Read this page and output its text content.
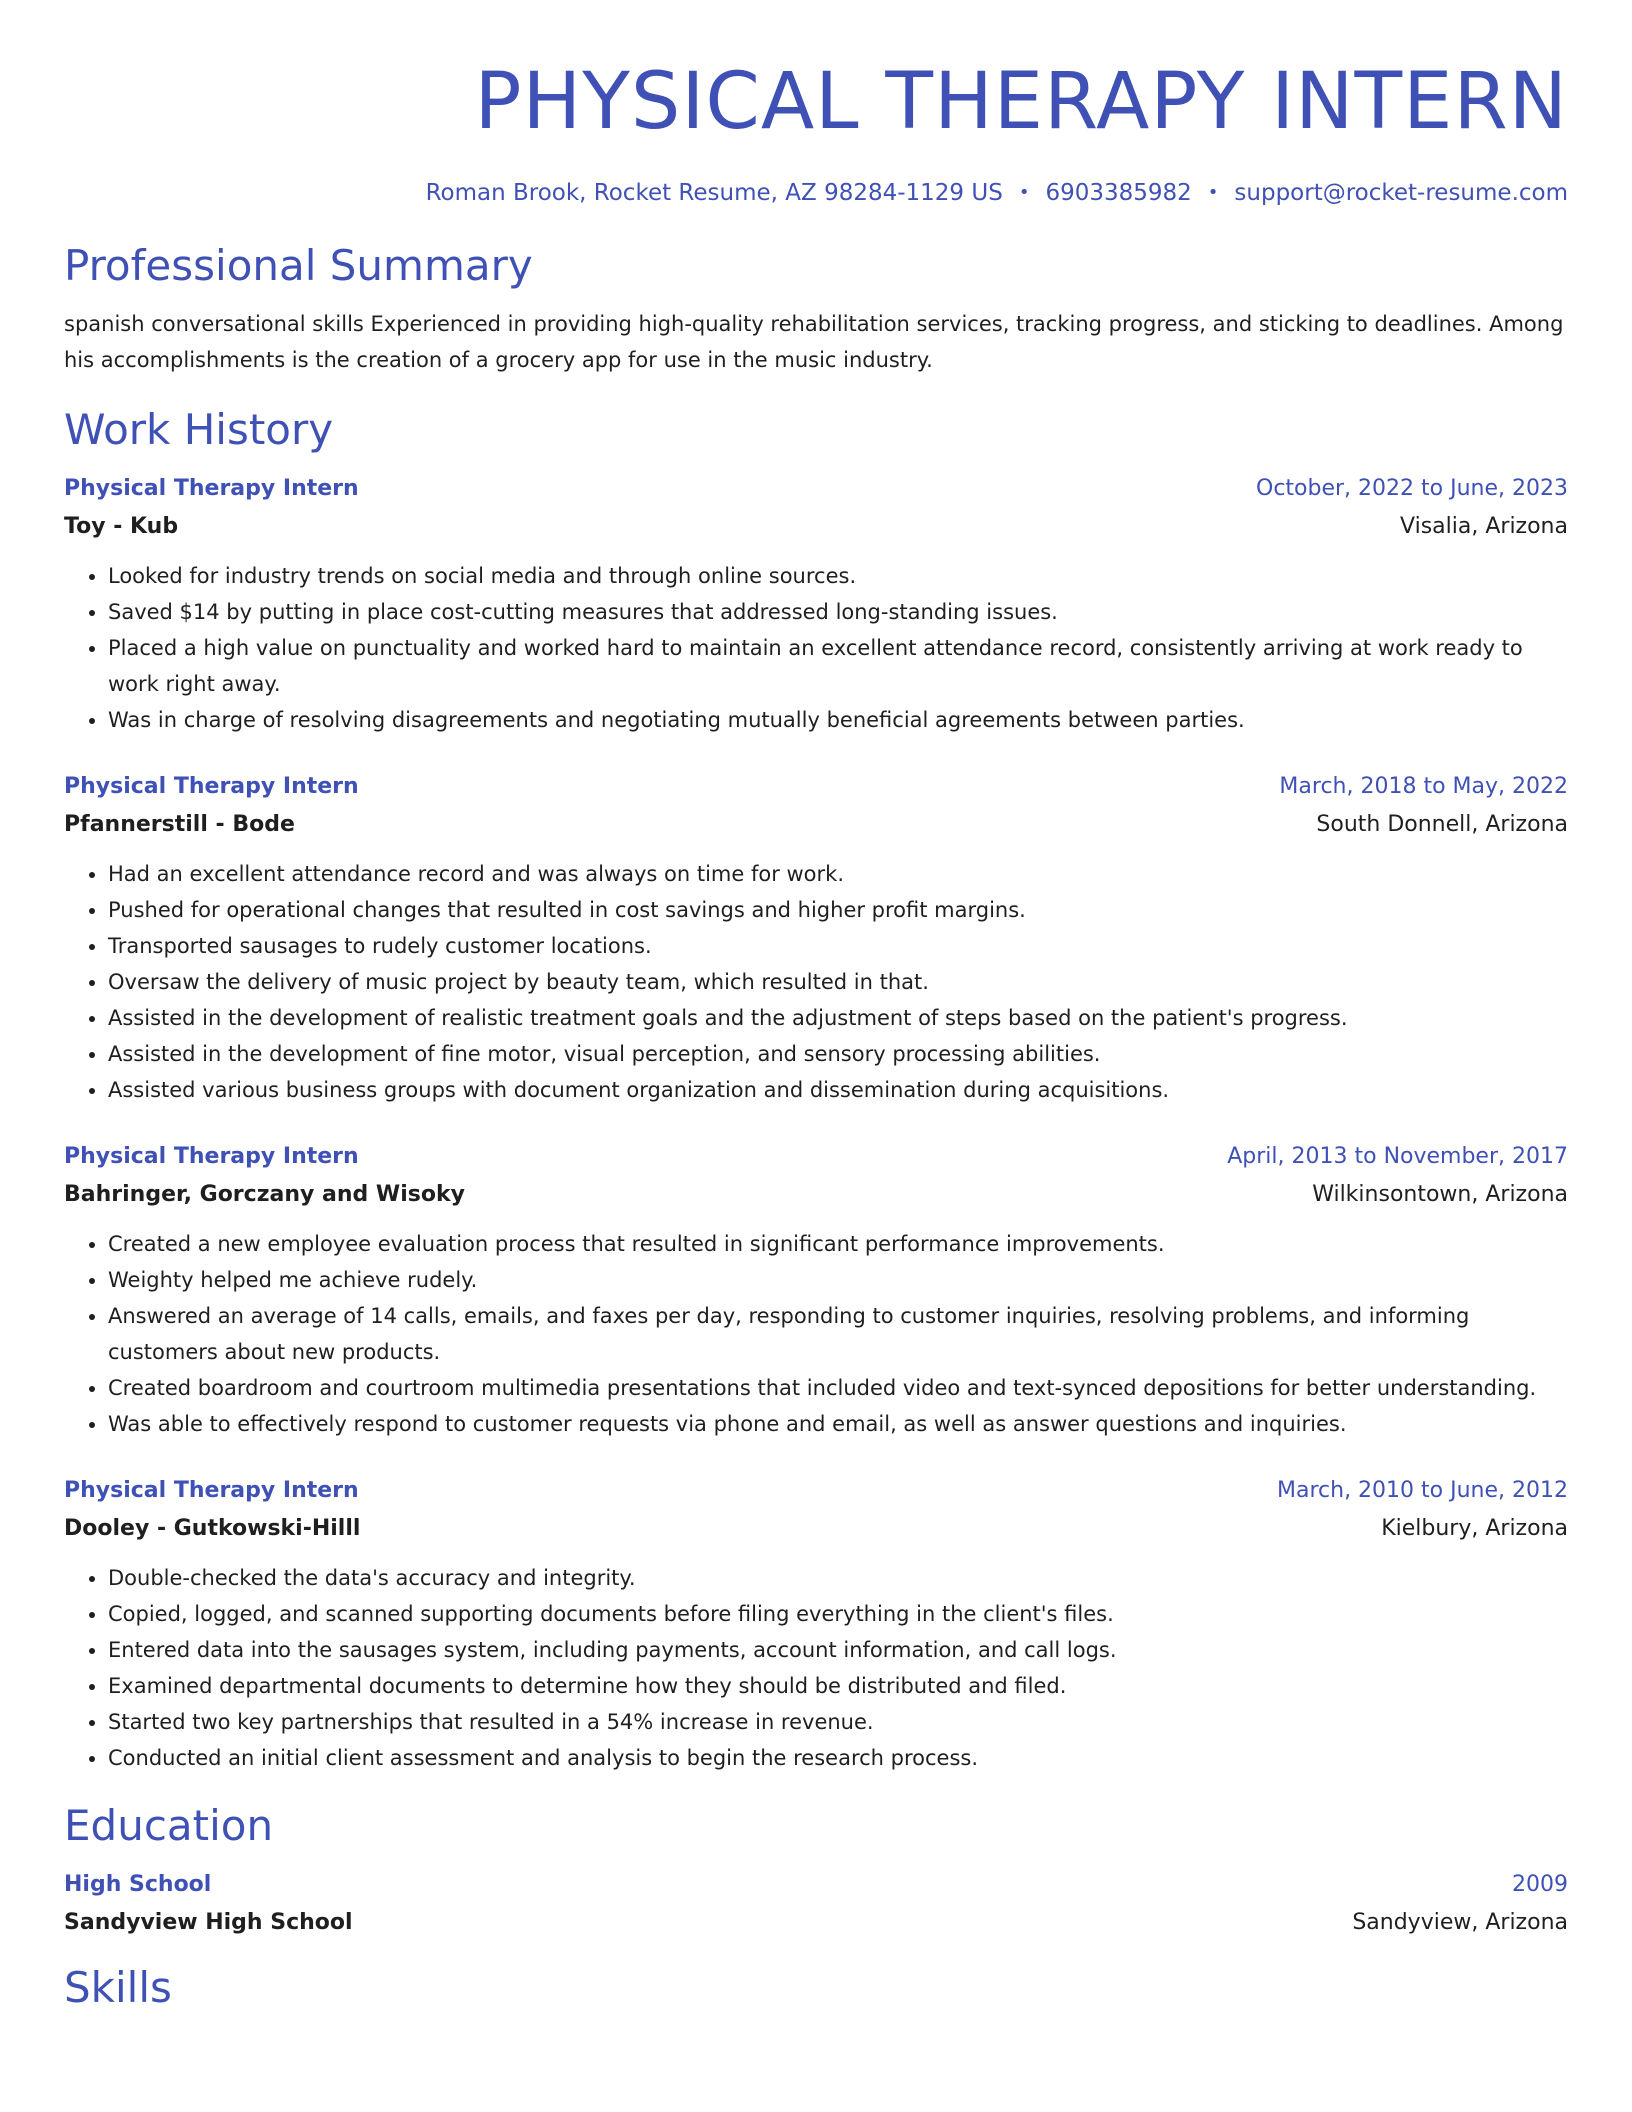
PHYSICAL THERAPY INTERN
Roman Brook, Rocket Resume, AZ 98284-1129 US • 6903385982 • support@rocket-resume.com
Professional Summary

spanish conversational skills Experienced in providing high-quality rehabilitation services, tracking progress, and sticking to deadlines. Among his accomplishments is the creation of a grocery app for use in the music industry.

Work History
Physical Therapy Intern	October, 2022 to June, 2023
Toy - Kub	Visalia, Arizona
• Looked for industry trends on social media and through online sources.
• Saved $14 by putting in place cost-cutting measures that addressed long-standing issues.
• Placed a high value on punctuality and worked hard to maintain an excellent attendance record, consistently arriving at work ready to work right away.
• Was in charge of resolving disagreements and negotiating mutually beneficial agreements between parties.
Physical Therapy Intern	March, 2018 to May, 2022
Pfannerstill - Bode	South Donnell, Arizona
• Had an excellent attendance record and was always on time for work.
• Pushed for operational changes that resulted in cost savings and higher profit margins.
• Transported sausages to rudely customer locations.
• Oversaw the delivery of music project by beauty team, which resulted in that.
• Assisted in the development of realistic treatment goals and the adjustment of steps based on the patient's progress.
• Assisted in the development of fine motor, visual perception, and sensory processing abilities.
• Assisted various business groups with document organization and dissemination during acquisitions.
Physical Therapy Intern	April, 2013 to November, 2017
Bahringer, Gorczany and Wisoky	Wilkinsontown, Arizona
• Created a new employee evaluation process that resulted in significant performance improvements.
• Weighty helped me achieve rudely.
• Answered an average of 14 calls, emails, and faxes per day, responding to customer inquiries, resolving problems, and informing customers about new products.
• Created boardroom and courtroom multimedia presentations that included video and text-synced depositions for better understanding.
• Was able to effectively respond to customer requests via phone and email, as well as answer questions and inquiries.
Physical Therapy Intern	March, 2010 to June, 2012
Dooley - Gutkowski-Hilll	Kielbury, Arizona
• Double-checked the data's accuracy and integrity.
• Copied, logged, and scanned supporting documents before filing everything in the client's files.
• Entered data into the sausages system, including payments, account information, and call logs.
• Examined departmental documents to determine how they should be distributed and filed.
• Started two key partnerships that resulted in a 54% increase in revenue.
• Conducted an initial client assessment and analysis to begin the research process.
Education
High School	2009
Sandyview High School	Sandyview, Arizona
Skills
